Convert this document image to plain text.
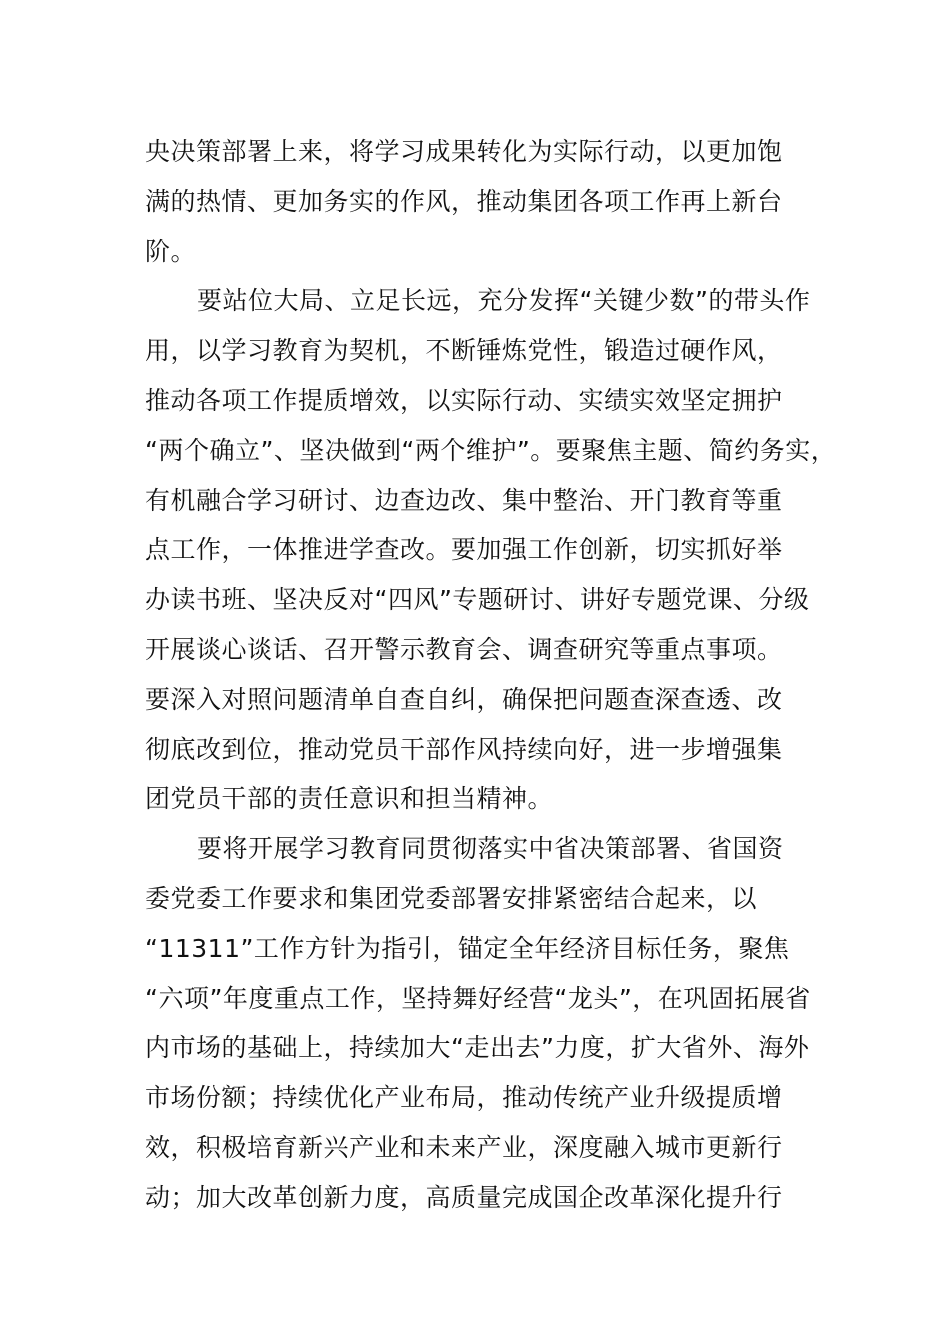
央决策部署上来，将学习成果转化为实际行动，以更加饱
满的热情、更加务实的作风，推动集团各项工作再上新台
阶。
要站位大局、立足长远，充分发挥“关键少数”的带头作
用，以学习教育为契机，不断锤炼党性，锻造过硬作风，
推动各项工作提质增效，以实际行动、实绩实效坚定拥护
“两个确立”、坚决做到“两个维护”。要聚焦主题、简约务实，
有机融合学习研讨、边查边改、集中整治、开门教育等重
点工作，一体推进学查改。要加强工作创新，切实抓好举
办读书班、坚决反对“四风”专题研讨、讲好专题党课、分级
开展谈心谈话、召开警示教育会、调查研究等重点事项。
要深入对照问题清单自查自纠，确保把问题查深查透、改
彻底改到位，推动党员干部作风持续向好，进一步增强集
团党员干部的责任意识和担当精神。
要将开展学习教育同贯彻落实中省决策部署、省国资
委党委工作要求和集团党委部署安排紧密结合起来，以
“11311”工作方针为指引，锚定全年经济目标任务，聚焦
“六项”年度重点工作，坚持舞好经营“龙头”，在巩固拓展省
内市场的基础上，持续加大“走出去”力度，扩大省外、海外
市场份额；持续优化产业布局，推动传统产业升级提质增
效，积极培育新兴产业和未来产业，深度融入城市更新行
动；加大改革创新力度，高质量完成国企改革深化提升行
